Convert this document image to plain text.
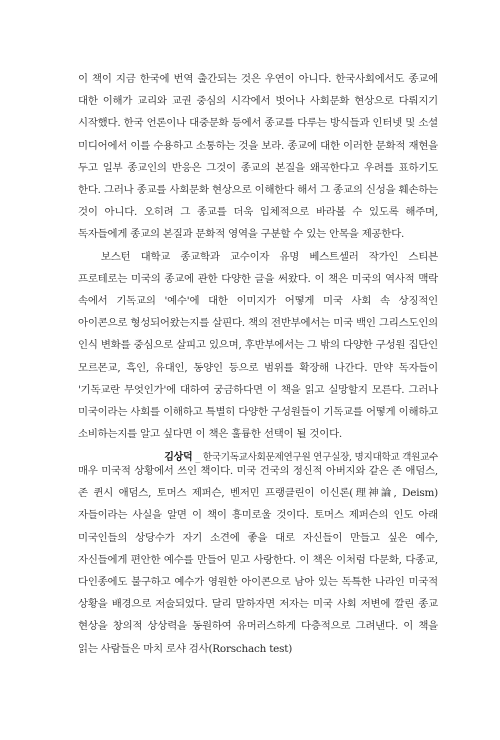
이 책이 지금 한국에 번역 출간되는 것은 우연이 아니다. 한국사회에서도 종교에 대한 이해가 교리와 교권 중심의 시각에서 벗어나 사회문화 현상으로 다뤄지기 시작했다. 한국 언론이나 대중문화 등에서 종교를 다루는 방식들과 인터넷 및 소셜 미디어에서 이를 수용하고 소통하는 것을 보라. 종교에 대한 이러한 문화적 재현을 두고 일부 종교인의 반응은 그것이 종교의 본질을 왜곡한다고 우려를 표하기도 한다. 그러나 종교를 사회문화 현상으로 이해한다 해서 그 종교의 신성을 훼손하는 것이 아니다. 오히려 그 종교를 더욱 입체적으로 바라볼 수 있도록 해주며, 독자들에게 종교의 본질과 문화적 영역을 구분할 수 있는 안목을 제공한다.

보스턴 대학교 종교학과 교수이자 유명 베스트셀러 작가인 스티븐 프로테로는 미국의 종교에 관한 다양한 글을 써왔다. 이 책은 미국의 역사적 맥락 속에서 기독교의 '예수'에 대한 이미지가 어떻게 미국 사회 속 상징적인 아이콘으로 형성되어왔는지를 살핀다. 책의 전반부에서는 미국 백인 그리스도인의 인식 변화를 중심으로 살피고 있으며, 후반부에서는 그 밖의 다양한 구성원 집단인 모르몬교, 흑인, 유대인, 동양인 등으로 범위를 확장해 나간다. 만약 독자들이 '기독교란 무엇인가'에 대하여 궁금하다면 이 책을 읽고 실망할지 모른다. 그러나 미국이라는 사회를 이해하고 특별히 다양한 구성원들이 기독교를 어떻게 이해하고 소비하는지를 알고 싶다면 이 책은 훌륭한 선택이 될 것이다.

김상덕 _ 한국기독교사회문제연구원 연구실장, 명지대학교 객원교수

매우 미국적 상황에서 쓰인 책이다. 미국 건국의 정신적 아버지와 같은 존 애덤스, 존 퀸시 애덤스, 토머스 제퍼슨, 벤저민 프랭클린이 이신론(理神論, Deism)자들이라는 사실을 알면 이 책이 흥미로울 것이다. 토머스 제퍼슨의 인도 아래 미국인들의 상당수가 자기 소견에 좋을 대로 자신들이 만들고 싶은 예수, 자신들에게 편안한 예수를 만들어 믿고 사랑한다. 이 책은 이처럼 다문화, 다종교, 다인종에도 불구하고 예수가 영원한 아이콘으로 남아 있는 독특한 나라인 미국적 상황을 배경으로 저술되었다. 달리 말하자면 저자는 미국 사회 저변에 깔린 종교 현상을 창의적 상상력을 동원하여 유머러스하게 다층적으로 그려낸다. 이 책을 읽는 사람들은 마치 로샤 검사(Rorschach test)
